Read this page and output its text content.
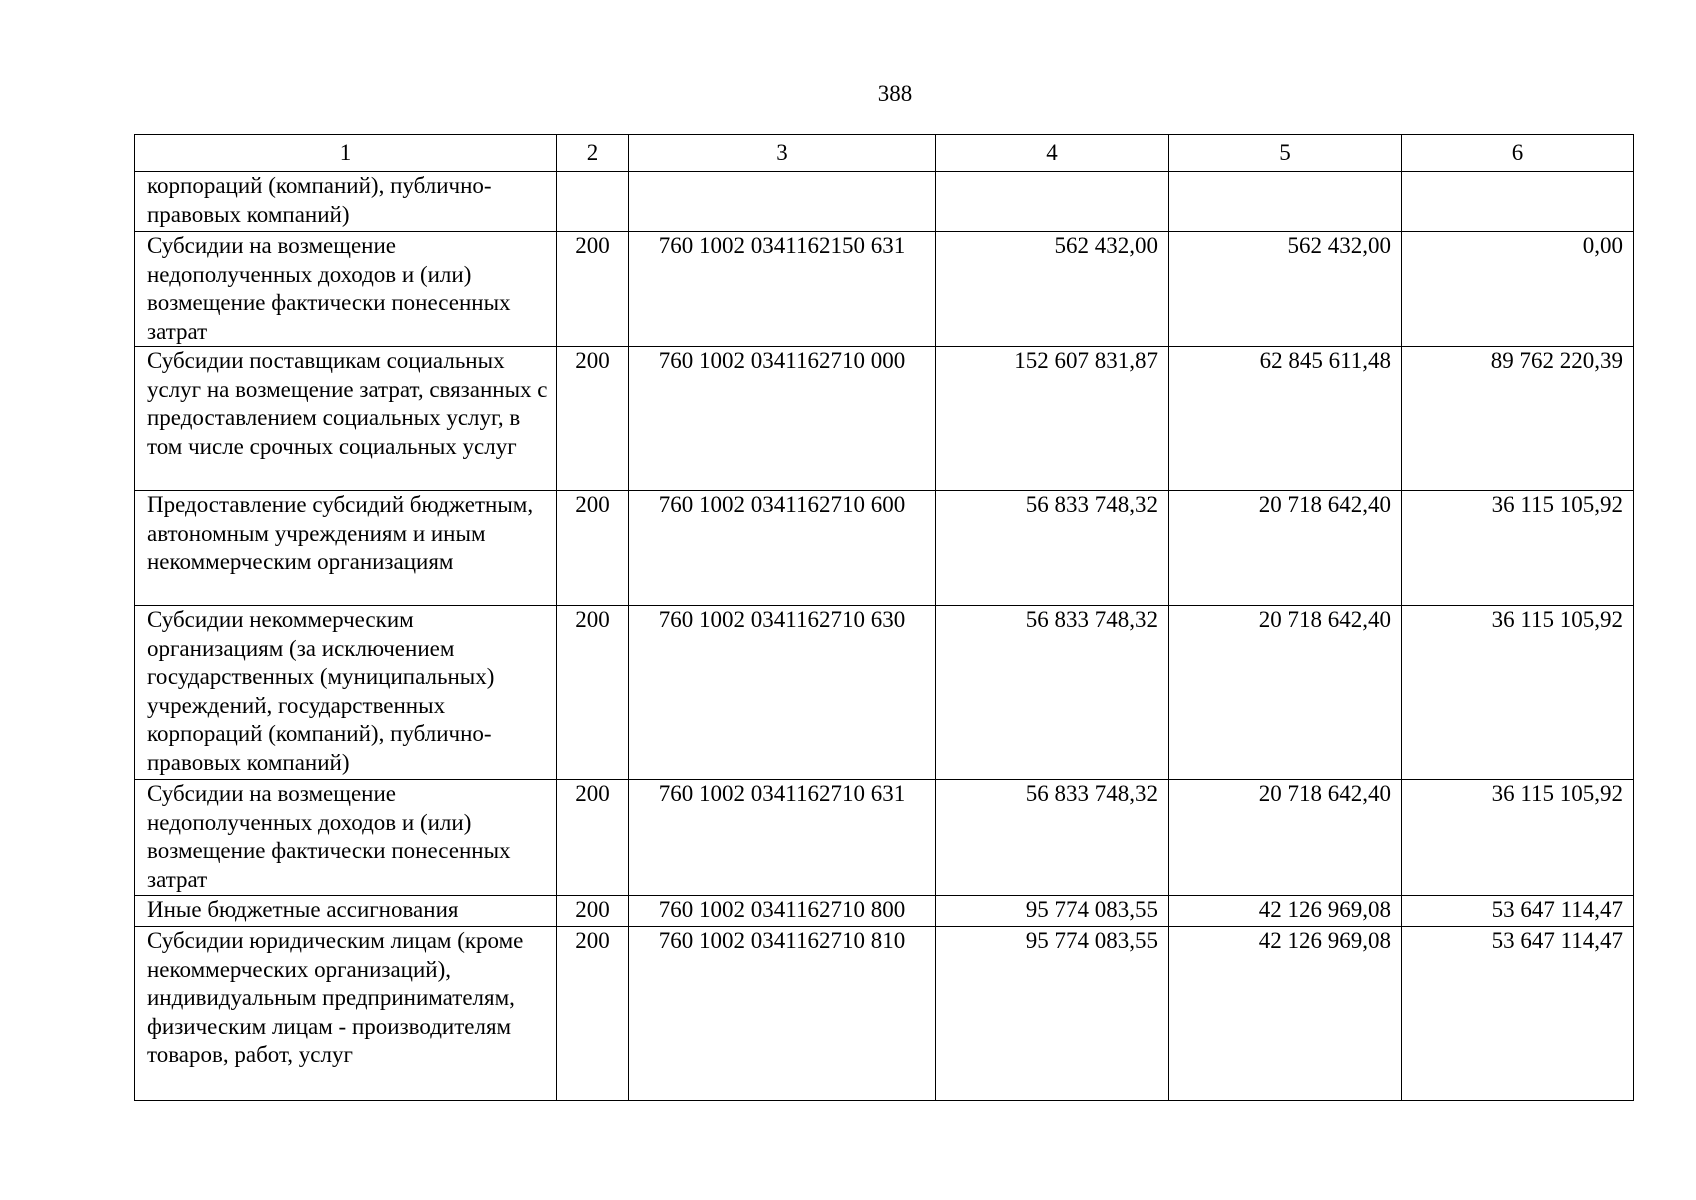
388
1	2	3	4	5	6
корпораций (компаний), публично-правовых компаний)					
Субсидии на возмещение недополученных доходов и (или) возмещение фактически понесенных затрат	200	760 1002 0341162150 631	562 432,00	562 432,00	0,00
Субсидии поставщикам социальных услуг на возмещение затрат, связанных с предоставлением социальных услуг, в том числе срочных социальных услуг	200	760 1002 0341162710 000	152 607 831,87	62 845 611,48	89 762 220,39
Предоставление субсидий бюджетным, автономным учреждениям и иным некоммерческим организациям	200	760 1002 0341162710 600	56 833 748,32	20 718 642,40	36 115 105,92
Субсидии некоммерческим организациям (за исключением государственных (муниципальных) учреждений, государственных корпораций (компаний), публично-правовых компаний)	200	760 1002 0341162710 630	56 833 748,32	20 718 642,40	36 115 105,92
Субсидии на возмещение недополученных доходов и (или) возмещение фактически понесенных затрат	200	760 1002 0341162710 631	56 833 748,32	20 718 642,40	36 115 105,92
Иные бюджетные ассигнования	200	760 1002 0341162710 800	95 774 083,55	42 126 969,08	53 647 114,47
Субсидии юридическим лицам (кроме некоммерческих организаций), индивидуальным предпринимателям, физическим лицам - производителям товаров, работ, услуг	200	760 1002 0341162710 810	95 774 083,55	42 126 969,08	53 647 114,47
